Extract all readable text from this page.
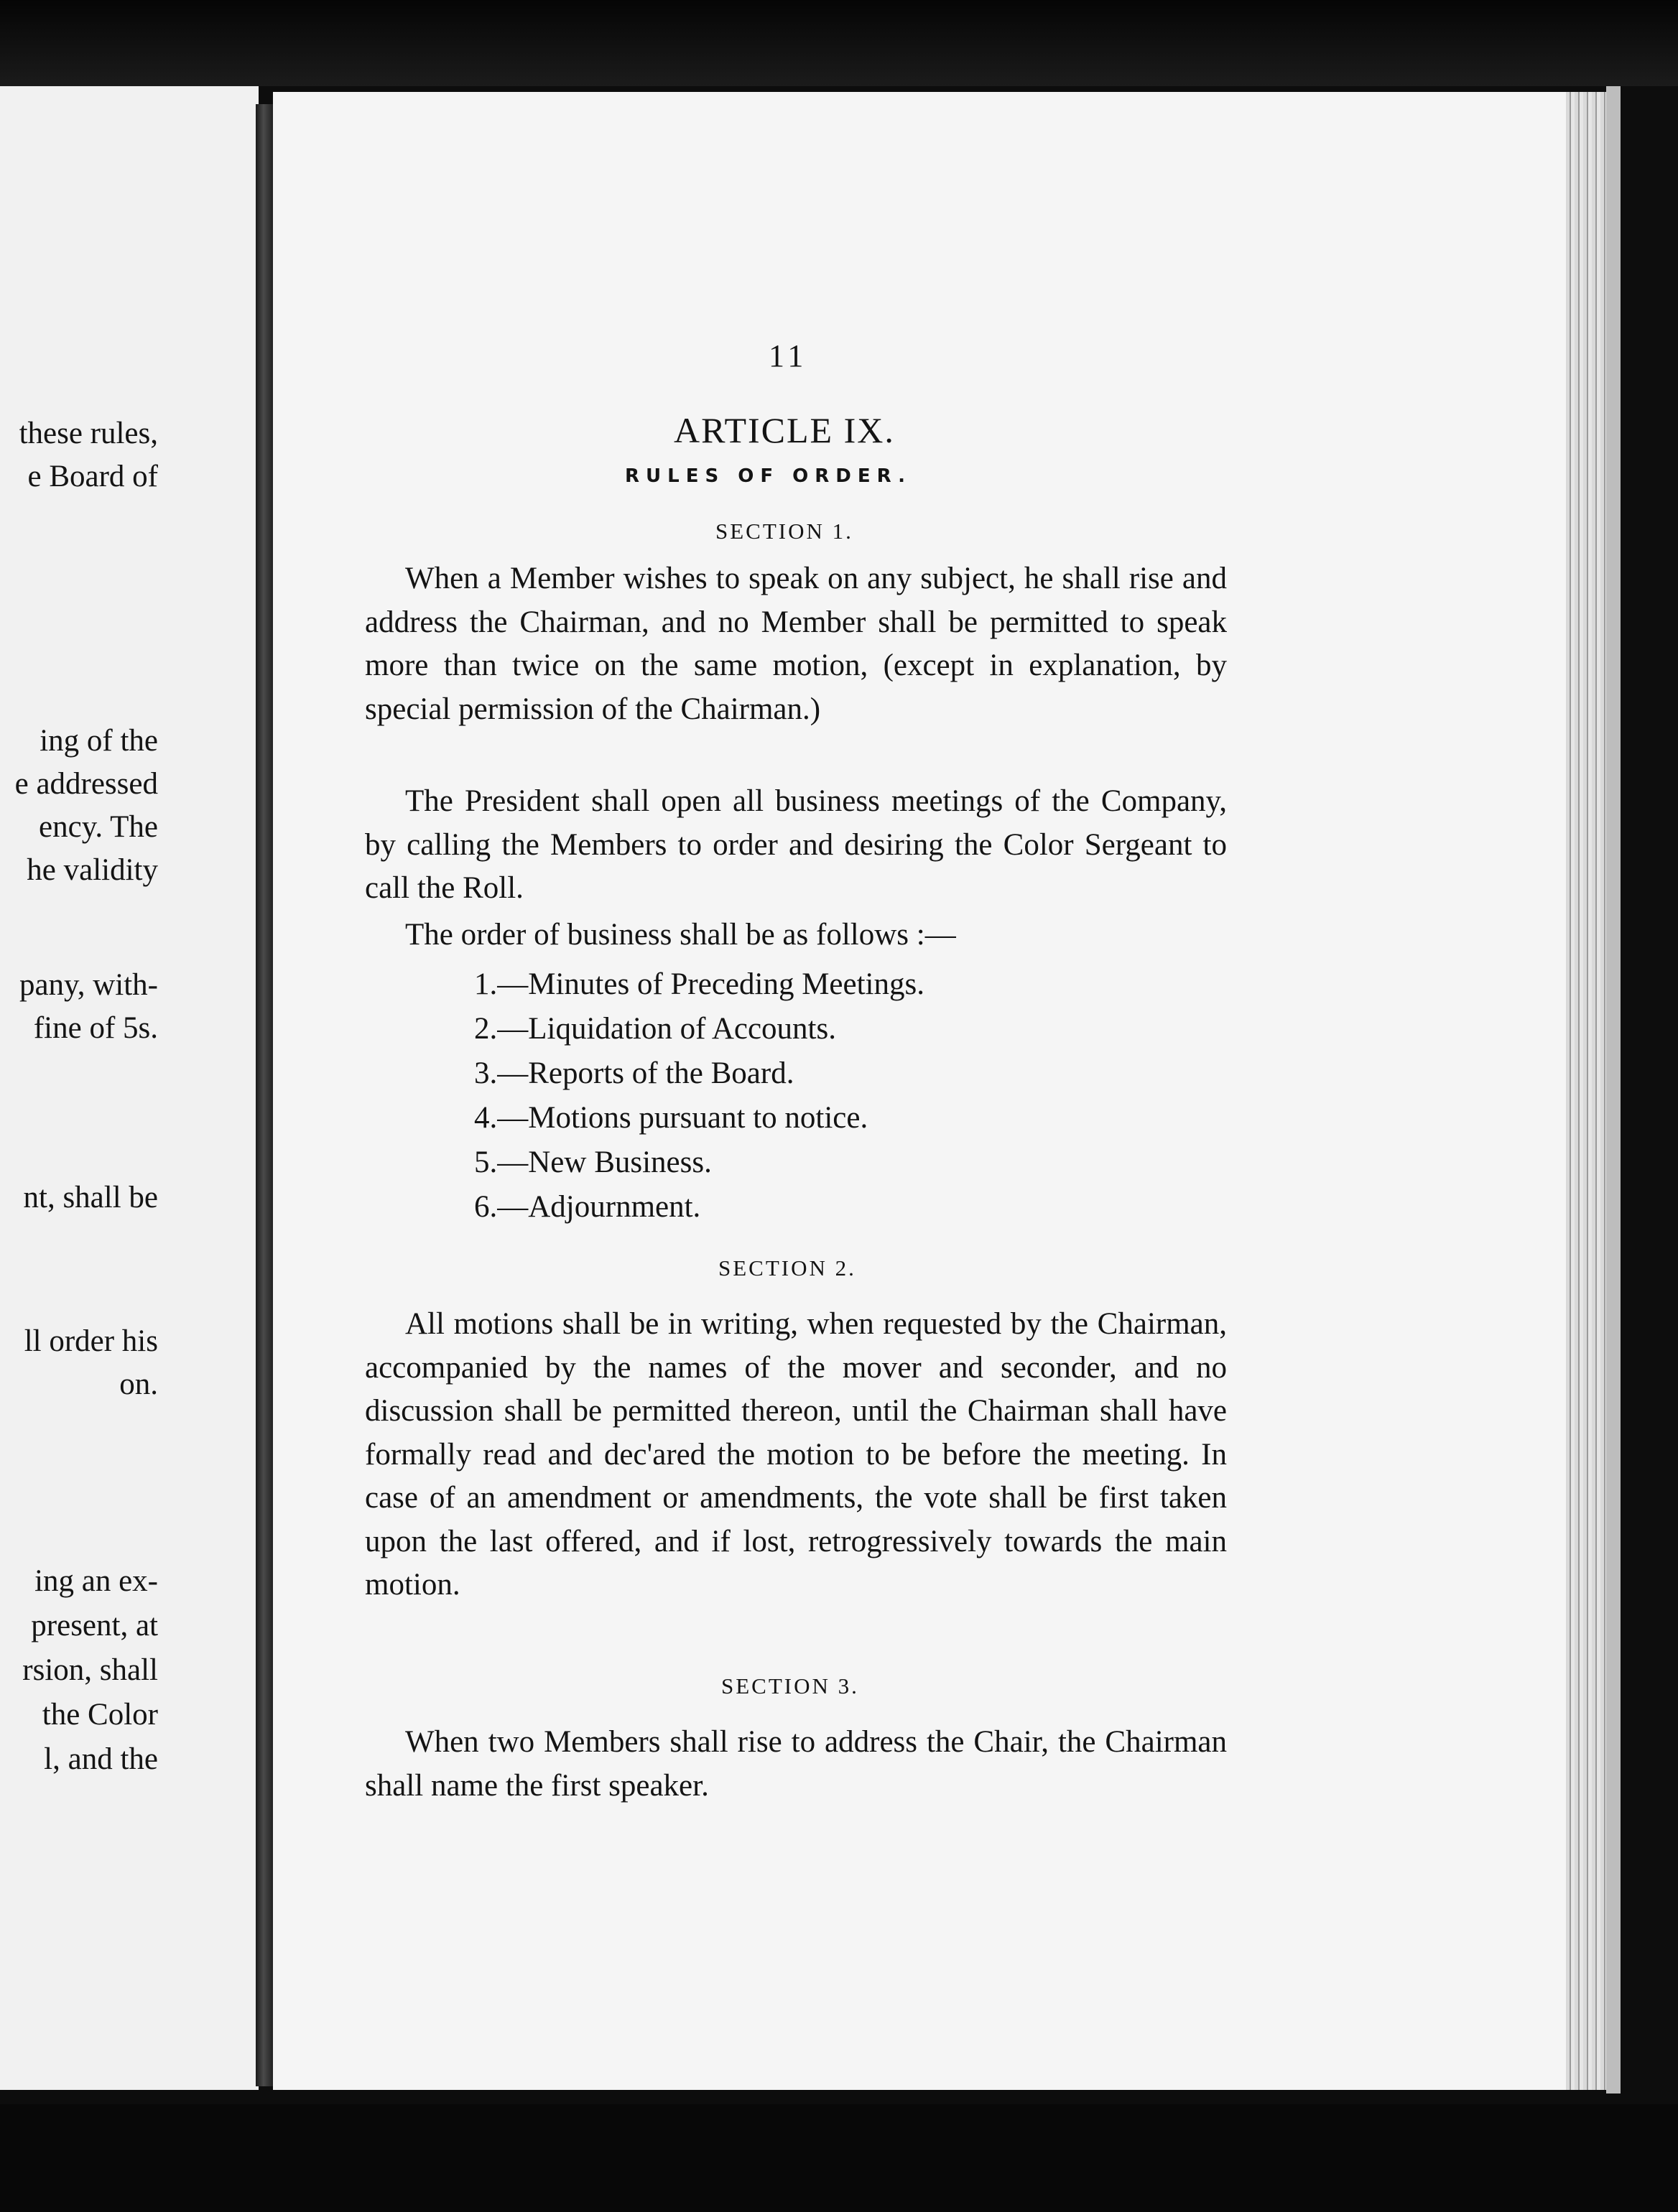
these rules,
e Board of
ing of the
e addressed
ency. The
he validity
pany, with-
fine of 5s.
nt, shall be
ll order his
on.
ing an ex-
present, at
rsion, shall
the Color
l, and the
11
ARTICLE IX.
RULES OF ORDER.
SECTION 1.
When a Member wishes to speak on any subject, he shall rise and address the Chairman, and no Member shall be permitted to speak more than twice on the same motion, (except in explanation, by special permission of the Chairman.)
The President shall open all business meetings of the Company, by calling the Members to order and desiring the Color Sergeant to call the Roll.
The order of business shall be as follows :—
1.—Minutes of Preceding Meetings.
2.—Liquidation of Accounts.
3.—Reports of the Board.
4.—Motions pursuant to notice.
5.—New Business.
6.—Adjournment.
SECTION 2.
All motions shall be in writing, when requested by the Chairman, accompanied by the names of the mover and seconder, and no discussion shall be permitted thereon, until the Chairman shall have formally read and dec'ared the motion to be before the meeting. In case of an amendment or amendments, the vote shall be first taken upon the last offered, and if lost, retrogressively towards the main motion.
SECTION 3.
When two Members shall rise to address the Chair, the Chairman shall name the first speaker.
